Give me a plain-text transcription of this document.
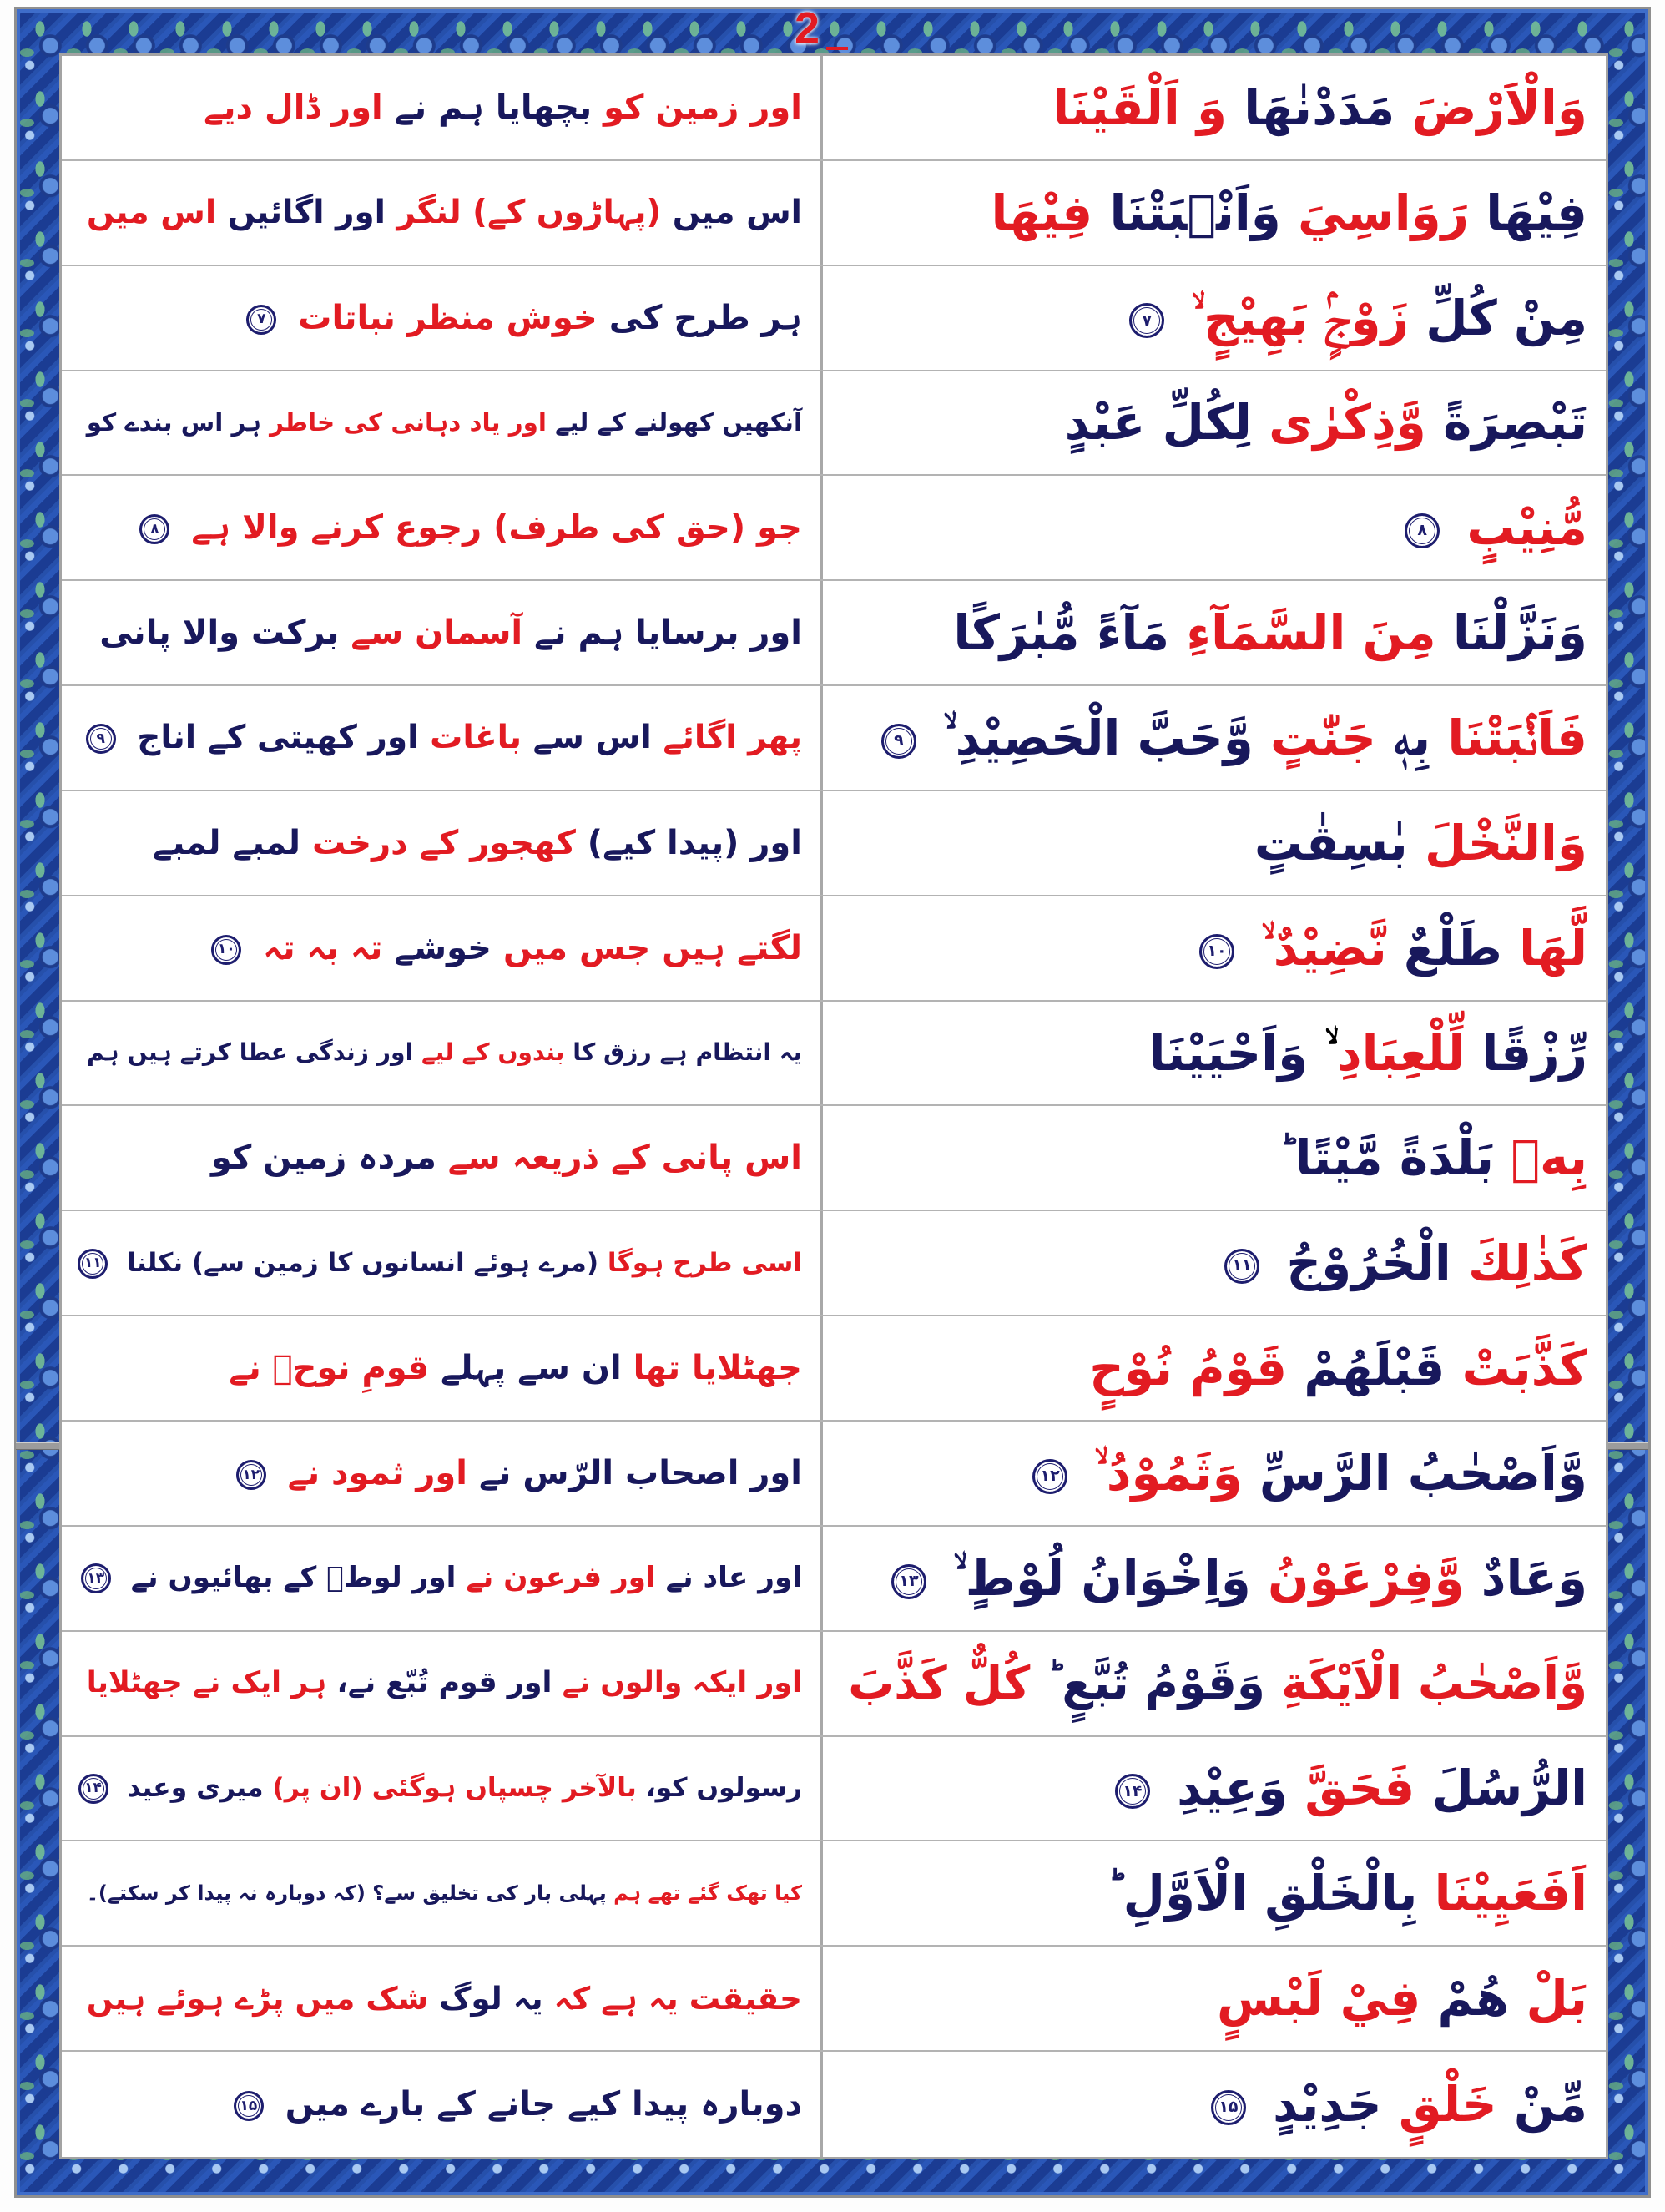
2
اور زمین کو بچھایا ہم نے اور ڈال دیے	وَالْاَرْضَ مَدَدْنٰهَا وَ اَلْقَيْنَا
اس میں (پہاڑوں کے) لنگر اور اگائیں اس میں	فِيْهَا رَوَاسِيَ وَاَنْۢبَتْنَا فِيْهَا
ہر طرح کی خوش منظر نباتات ۷	مِنْ كُلِّ زَوْجٍۢ بَهِيْجٍ ۙ ۷
آنکھیں کھولنے کے لیے اور یاد دہانی کی خاطر ہر اس بندے کو	تَبْصِرَةً وَّذِكْرٰى لِكُلِّ عَبْدٍ
جو (حق کی طرف) رجوع کرنے والا ہے ۸	مُّنِيْبٍ ۸
اور برسایا ہم نے آسمان سے برکت والا پانی	وَنَزَّلْنَا مِنَ السَّمَآءِ مَآءً مُّبٰرَكًا
پھر اگائے اس سے باغات اور کھیتی کے اناج ۹	فَاَنْۢبَتْنَا بِهٖ جَنّٰتٍ وَّحَبَّ الْحَصِيْدِ ۙ ۹
اور (پیدا کیے) کھجور کے درخت لمبے لمبے	وَالنَّخْلَ بٰسِقٰتٍ
لگتے ہیں جس میں خوشے تہ بہ تہ ۱۰	لَّهَا طَلْعٌ نَّضِيْدٌ ۙ ۱۰
یہ انتظام ہے رزق کا بندوں کے لیے اور زندگی عطا کرتے ہیں ہم	رِّزْقًا لِّلْعِبَادِ ۙ وَاَحْيَيْنَا
اس پانی کے ذریعہ سے مردہ زمین کو	بِهٖ بَلْدَةً مَّيْتًا ؕ
اسی طرح ہوگا (مرے ہوئے انسانوں کا زمین سے) نکلنا ۱۱	كَذٰلِكَ الْخُرُوْجُ ۱۱
جھٹلایا تھا ان سے پہلے قومِ نوحؑ نے	كَذَّبَتْ قَبْلَهُمْ قَوْمُ نُوْحٍ
اور اصحاب الرّس نے اور ثمود نے ۱۲	وَّاَصْحٰبُ الرَّسِّ وَثَمُوْدُ ۙ ۱۲
اور عاد نے اور فرعون نے اور لوطؑ کے بھائیوں نے ۱۳	وَعَادٌ وَّفِرْعَوْنُ وَاِخْوَانُ لُوْطٍ ۙ ۱۳
اور ایکہ والوں نے اور قوم تُبّع نے، ہر ایک نے جھٹلایا	وَّاَصْحٰبُ الْاَيْكَةِ وَقَوْمُ تُبَّعٍ ؕ كُلٌّ كَذَّبَ
رسولوں کو، بالآخر چسپاں ہوگئی (ان پر) میری وعید ۱۴	الرُّسُلَ فَحَقَّ وَعِيْدِ ۱۴
کیا تھک گئے تھے ہم پہلی بار کی تخلیق سے؟ (کہ دوبارہ نہ پیدا کر سکتے)۔	اَفَعَيِيْنَا بِالْخَلْقِ الْاَوَّلِ ؕ
حقیقت یہ ہے کہ یہ لوگ شک میں پڑے ہوئے ہیں	بَلْ هُمْ فِيْ لَبْسٍ
دوبارہ پیدا کیے جانے کے بارے میں ۱۵	مِّنْ خَلْقٍ جَدِيْدٍ ۱۵
